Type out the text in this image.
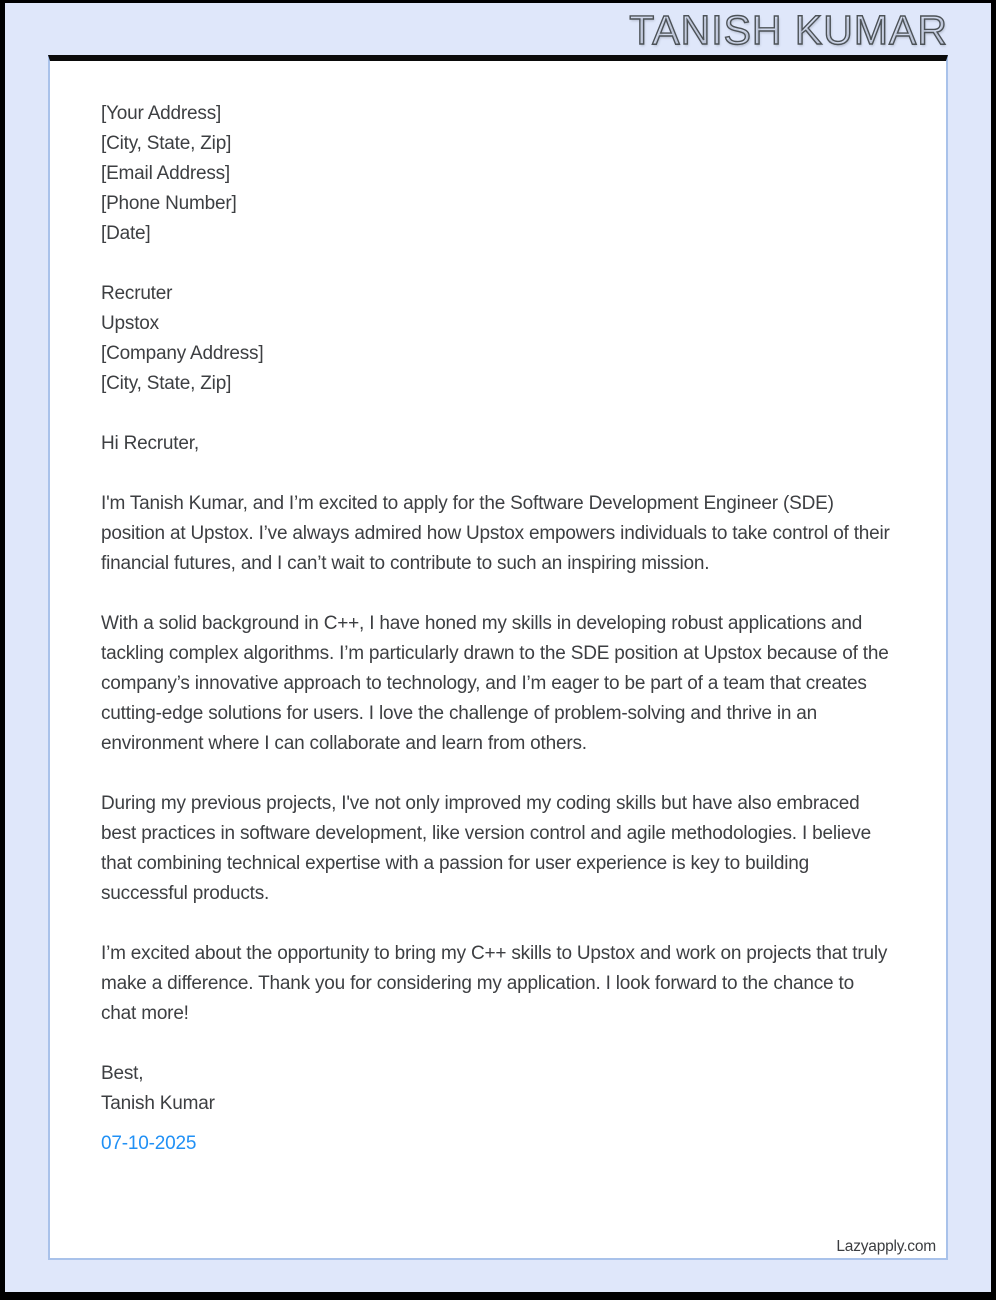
TANISH KUMAR
[Your Address]
[City, State, Zip]
[Email Address]
[Phone Number]
[Date]
Recruter
Upstox
[Company Address]
[City, State, Zip]
Hi Recruter,

I'm Tanish Kumar, and I’m excited to apply for the Software Development Engineer (SDE) position at Upstox. I’ve always admired how Upstox empowers individuals to take control of their financial futures, and I can’t wait to contribute to such an inspiring mission.

With a solid background in C++, I have honed my skills in developing robust applications and tackling complex algorithms. I’m particularly drawn to the SDE position at Upstox because of the company’s innovative approach to technology, and I’m eager to be part of a team that creates cutting-edge solutions for users. I love the challenge of problem-solving and thrive in an environment where I can collaborate and learn from others.

During my previous projects, I've not only improved my coding skills but have also embraced best practices in software development, like version control and agile methodologies. I believe that combining technical expertise with a passion for user experience is key to building successful products.

I’m excited about the opportunity to bring my C++ skills to Upstox and work on projects that truly make a difference. Thank you for considering my application. I look forward to the chance to chat more!

Best,
Tanish Kumar
07-10-2025
Lazyapply.com
